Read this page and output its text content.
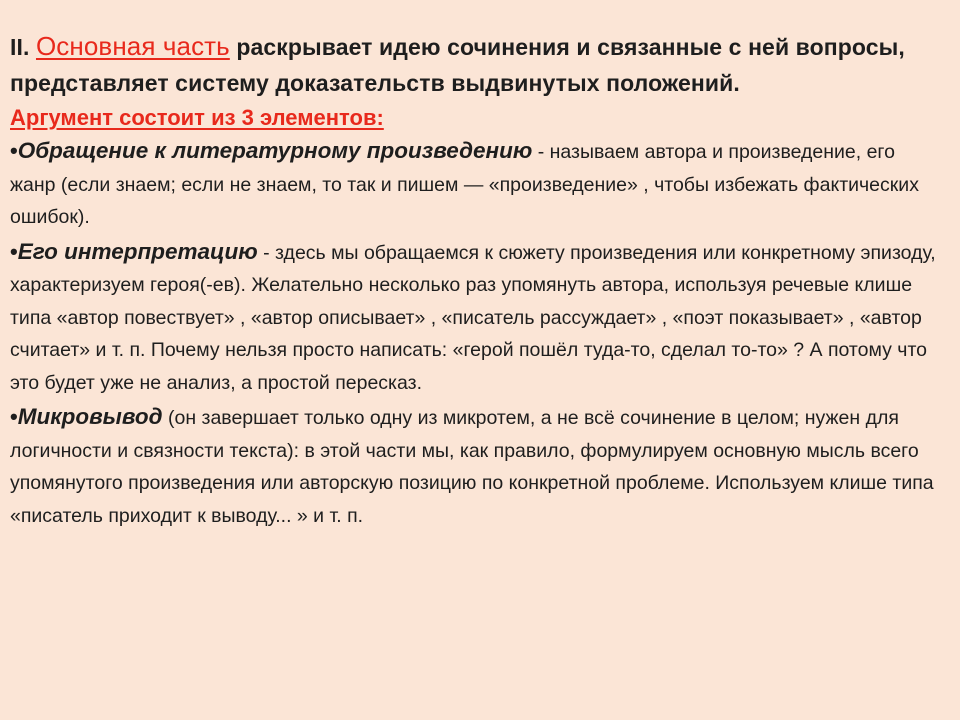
II. Основная часть раскрывает идею сочинения и связанные с ней вопросы, представляет систему доказательств выдвинутых положений.
Аргумент состоит из 3 элементов:
•Обращение к литературному произведению - называем автора и произведение, его жанр (если знаем; если не знаем, то так и пишем — «произведение» , чтобы избежать фактических ошибок).
•Его интерпретацию - здесь мы обращаемся к сюжету произведения или конкретному эпизоду, характеризуем героя(-ев). Желательно несколько раз упомянуть автора, используя речевые клише типа «автор повествует» , «автор описывает» , «писатель рассуждает» , «поэт показывает» , «автор считает» и т. п. Почему нельзя просто написать: «герой пошёл туда-то, сделал то-то» ? А потому что это будет уже не анализ, а простой пересказ.
•Микровывод (он завершает только одну из микротем, а не всё сочинение в целом; нужен для логичности и связности текста): в этой части мы, как правило, формулируем основную мысль всего упомянутого произведения или авторскую позицию по конкретной проблеме. Используем клише типа «писатель приходит к выводу... » и т. п.
